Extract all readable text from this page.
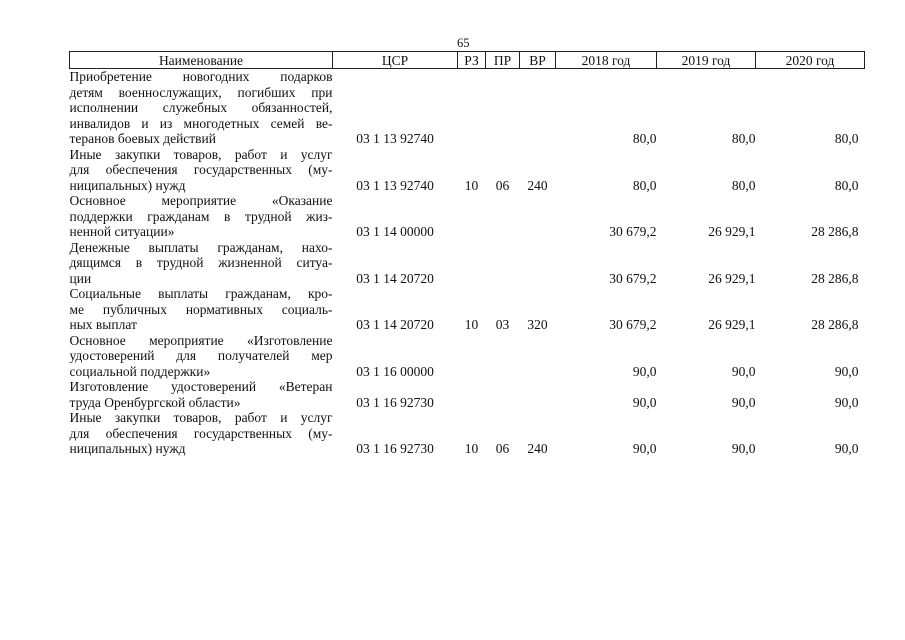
65
Наименование	ЦСР	РЗ	ПР	ВР	2018 год	2019 год	2020 год

Приобретение новогодних подарков
детям военнослужащих, погибших при
исполнении служебных обязанностей,
инвалидов и из многодетных семей ве-
теранов боевых действий	03 1 13 92740				80,0	80,0	80,0

Иные закупки товаров, работ и услуг
для обеспечения государственных (му-
ниципальных) нужд	03 1 13 92740	10	06	240	80,0	80,0	80,0

Основное мероприятие «Оказание
поддержки гражданам в трудной жиз-
ненной ситуации»	03 1 14 00000				30 679,2	26 929,1	28 286,8

Денежные выплаты гражданам, нахо-
дящимся в трудной жизненной ситуа-
ции	03 1 14 20720				30 679,2	26 929,1	28 286,8

Социальные выплаты гражданам, кро-
ме публичных нормативных социаль-
ных выплат	03 1 14 20720	10	03	320	30 679,2	26 929,1	28 286,8

Основное мероприятие «Изготовление
удостоверений для получателей мер
социальной поддержки»	03 1 16 00000				90,0	90,0	90,0

Изготовление удостоверений «Ветеран
труда Оренбургской области»	03 1 16 92730				90,0	90,0	90,0

Иные закупки товаров, работ и услуг
для обеспечения государственных (му-
ниципальных) нужд	03 1 16 92730	10	06	240	90,0	90,0	90,0
